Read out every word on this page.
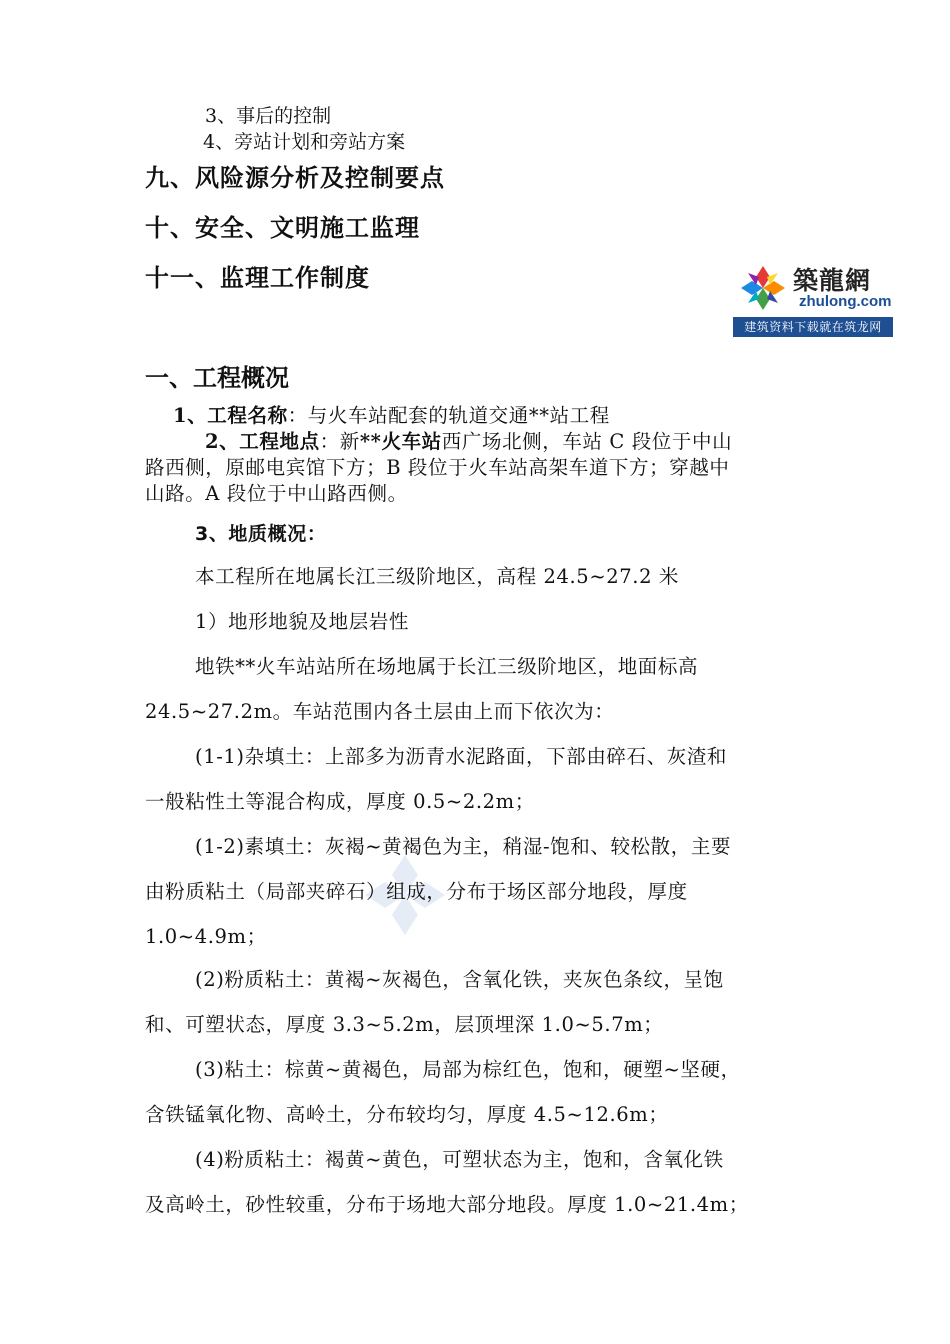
3、事后的控制
4、旁站计划和旁站方案
九、风险源分析及控制要点
十、安全、文明施工监理
十一、监理工作制度	築龍網
zhulong.com
建筑资料下载就在筑龙网
一、工程概况
1、工程名称：与火车站配套的轨道交通**站工程
2、工程地点：新**火车站西广场北侧，车站 C 段位于中山
路西侧，原邮电宾馆下方；B 段位于火车站高架车道下方；穿越中
山路。A 段位于中山路西侧。
3、地质概况：
本工程所在地属长江三级阶地区，高程 24.5~27.2 米
1）地形地貌及地层岩性
地铁**火车站站所在场地属于长江三级阶地区，地面标高
24.5~27.2m。车站范围内各土层由上而下依次为：
(1-1)杂填土：上部多为沥青水泥路面，下部由碎石、灰渣和
一般粘性土等混合构成，厚度 0.5~2.2m；
(1-2)素填土：灰褐~黄褐色为主，稍湿-饱和、较松散，主要
由粉质粘土（局部夹碎石）组成，分布于场区部分地段，厚度
1.0~4.9m；
(2)粉质粘土：黄褐~灰褐色，含氧化铁，夹灰色条纹，呈饱
和、可塑状态，厚度 3.3~5.2m，层顶埋深 1.0~5.7m；
(3)粘土：棕黄~黄褐色，局部为棕红色，饱和，硬塑~坚硬，
含铁锰氧化物、高岭土，分布较均匀，厚度 4.5~12.6m；
(4)粉质粘土：褐黄~黄色，可塑状态为主，饱和，含氧化铁
及高岭土，砂性较重，分布于场地大部分地段。厚度 1.0~21.4m；
